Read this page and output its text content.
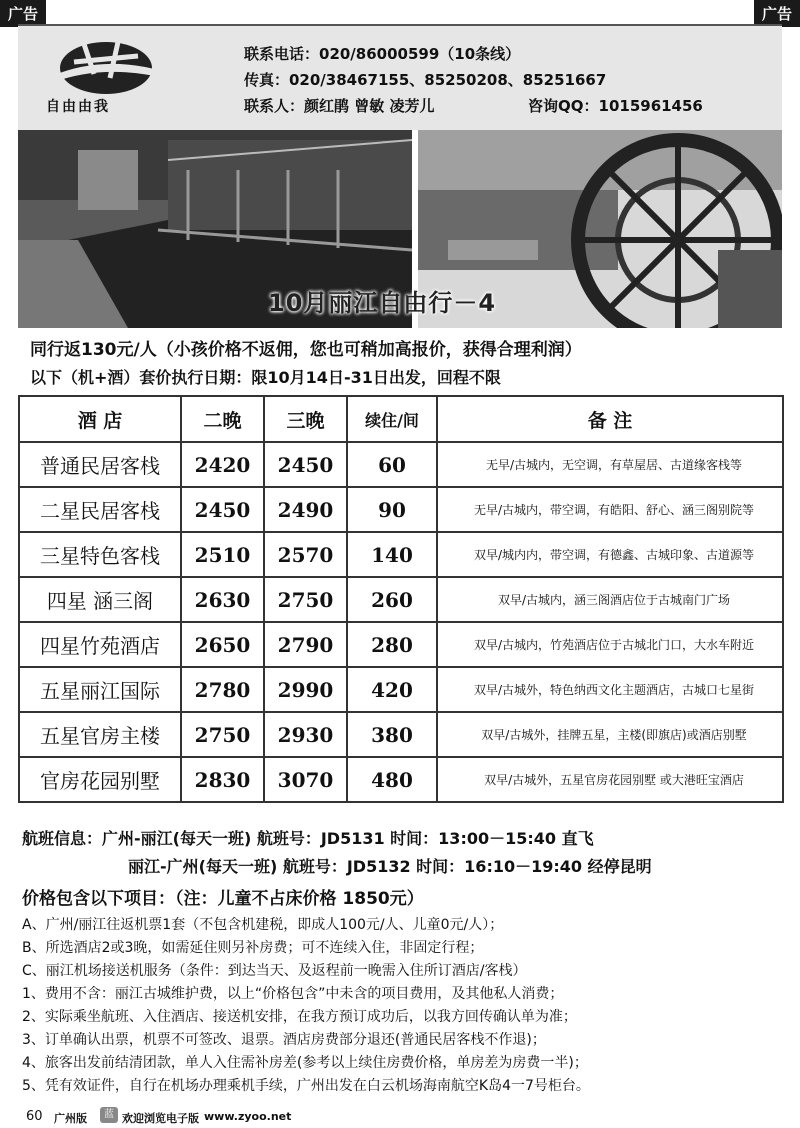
广告	广告
自由由我
联系电话：020/86000599（10条线）
传真：020/38467155、85250208、85251667
联系人：颜红鹃 曾敏 凌芳儿	咨询QQ：1015961456
10月丽江自由行－4
同行返130元/人（小孩价格不返佣，您也可稍加高报价，获得合理利润）
以下（机+酒）套价执行日期：限10月14日-31日出发，回程不限
酒 店	二晚	三晚	续住/间	备 注
普通民居客栈	2420	2450	60	无早/古城内，无空调，有草屋居、古道缘客栈等
二星民居客栈	2450	2490	90	无早/古城内，带空调，有皓阳、舒心、涵三阁别院等
三星特色客栈	2510	2570	140	双早/城内内，带空调，有德鑫、古城印象、古道源等
四星 涵三阁	2630	2750	260	双早/古城内，涵三阁酒店位于古城南门广场
四星竹苑酒店	2650	2790	280	双早/古城内，竹苑酒店位于古城北门口，大水车附近
五星丽江国际	2780	2990	420	双早/古城外，特色纳西文化主题酒店，古城口七星街
五星官房主楼	2750	2930	380	双早/古城外，挂牌五星，主楼(即旗店)或酒店别墅
官房花园别墅	2830	3070	480	双早/古城外，五星官房花园别墅 或大港旺宝酒店
航班信息：广州-丽江(每天一班) 航班号：JD5131 时间：13:00－15:40 直飞
丽江-广州(每天一班) 航班号：JD5132 时间：16:10－19:40 经停昆明
价格包含以下项目：（注：儿童不占床价格 1850元）
A、广州/丽江往返机票1套（不包含机建税，即成人100元/人、儿童0元/人）；
B、所选酒店2或3晚，如需延住则另补房费；可不连续入住，非固定行程；
C、丽江机场接送机服务（条件：到达当天、及返程前一晚需入住所订酒店/客栈）
1、费用不含：丽江古城维护费，以上“价格包含”中未含的项目费用，及其他私人消费；
2、实际乘坐航班、入住酒店、接送机安排，在我方预订成功后，以我方回传确认单为准；
3、订单确认出票，机票不可签改、退票。酒店房费部分退还(普通民居客栈不作退)；
4、旅客出发前结清团款，单人入住需补房差(参考以上续住房费价格，单房差为房费一半)；
5、凭有效证件，自行在机场办理乘机手续，广州出发在白云机场海南航空K岛4一7号柜台。
60 广州版	蓝 欢迎浏览电子版 www.zyoo.net
